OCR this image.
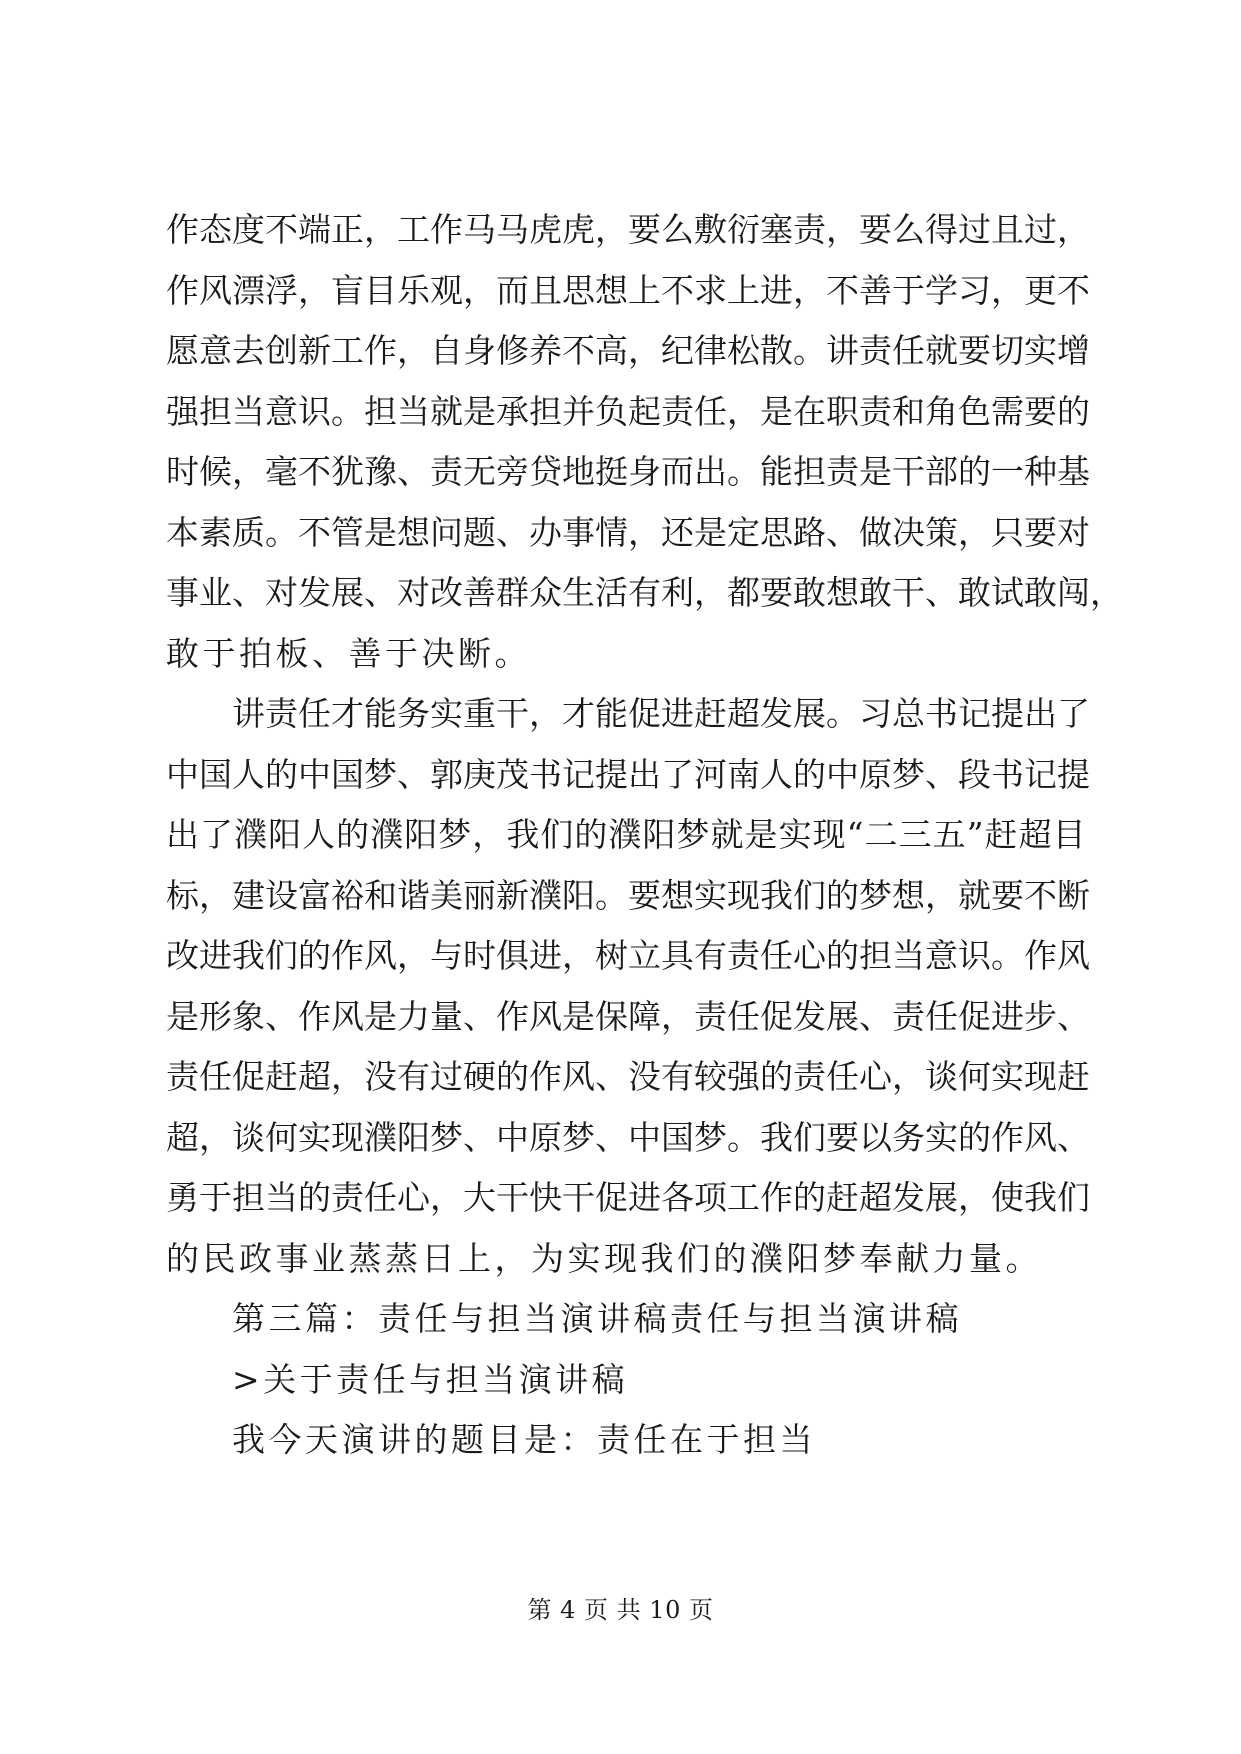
作 态 度 不 端 正 ， 工 作 马 马 虎 虎 ， 要 么 敷 衍 塞 责 ， 要 么 得 过 且 过 ，
作 风 漂 浮 ， 盲 目 乐 观 ， 而 且 思 想 上 不 求 上 进 ， 不 善 于 学 习 ， 更 不
愿 意 去 创 新 工 作 ， 自 身 修 养 不 高 ， 纪 律 松 散 。 讲 责 任 就 要 切 实 增
强 担 当 意 识 。 担 当 就 是 承 担 并 负 起 责 任 ， 是 在 职 责 和 角 色 需 要 的
时 候 ， 毫 不 犹 豫 、 责 无 旁 贷 地 挺 身 而 出 。 能 担 责 是 干 部 的 一 种 基
本 素 质 。 不 管 是 想 问 题 、 办 事 情 ， 还 是 定 思 路 、 做 决 策 ， 只 要 对
事 业 、 对 发 展 、 对 改 善 群 众 生 活 有 利 ， 都 要 敢 想 敢 干 、 敢 试 敢 闯 ，
敢于拍板、善于决断。
讲 责 任 才 能 务 实 重 干 ， 才 能 促 进 赶 超 发 展 。 习 总 书 记 提 出 了
中 国 人 的 中 国 梦 、 郭 庚 茂 书 记 提 出 了 河 南 人 的 中 原 梦 、 段 书 记 提
出 了 濮 阳 人 的 濮 阳 梦 ， 我 们 的 濮 阳 梦 就 是 实 现 “ 二 三 五 ” 赶 超 目
标 ， 建 设 富 裕 和 谐 美 丽 新 濮 阳 。 要 想 实 现 我 们 的 梦 想 ， 就 要 不 断
改 进 我 们 的 作 风 ， 与 时 俱 进 ， 树 立 具 有 责 任 心 的 担 当 意 识 。 作 风
是 形 象 、 作 风 是 力 量 、 作 风 是 保 障 ， 责 任 促 发 展 、 责 任 促 进 步 、
责 任 促 赶 超 ， 没 有 过 硬 的 作 风 、 没 有 较 强 的 责 任 心 ， 谈 何 实 现 赶
超 ， 谈 何 实 现 濮 阳 梦 、 中 原 梦 、 中 国 梦 。 我 们 要 以 务 实 的 作 风 、
勇 于 担 当 的 责 任 心 ， 大 干 快 干 促 进 各 项 工 作 的 赶 超 发 展 ， 使 我 们
的民政事业蒸蒸日上，为实现我们的濮阳梦奉献力量。
第三篇：责任与担当演讲稿责任与担当演讲稿
>关于责任与担当演讲稿
我今天演讲的题目是：责任在于担当
第 4 页 共 10 页
